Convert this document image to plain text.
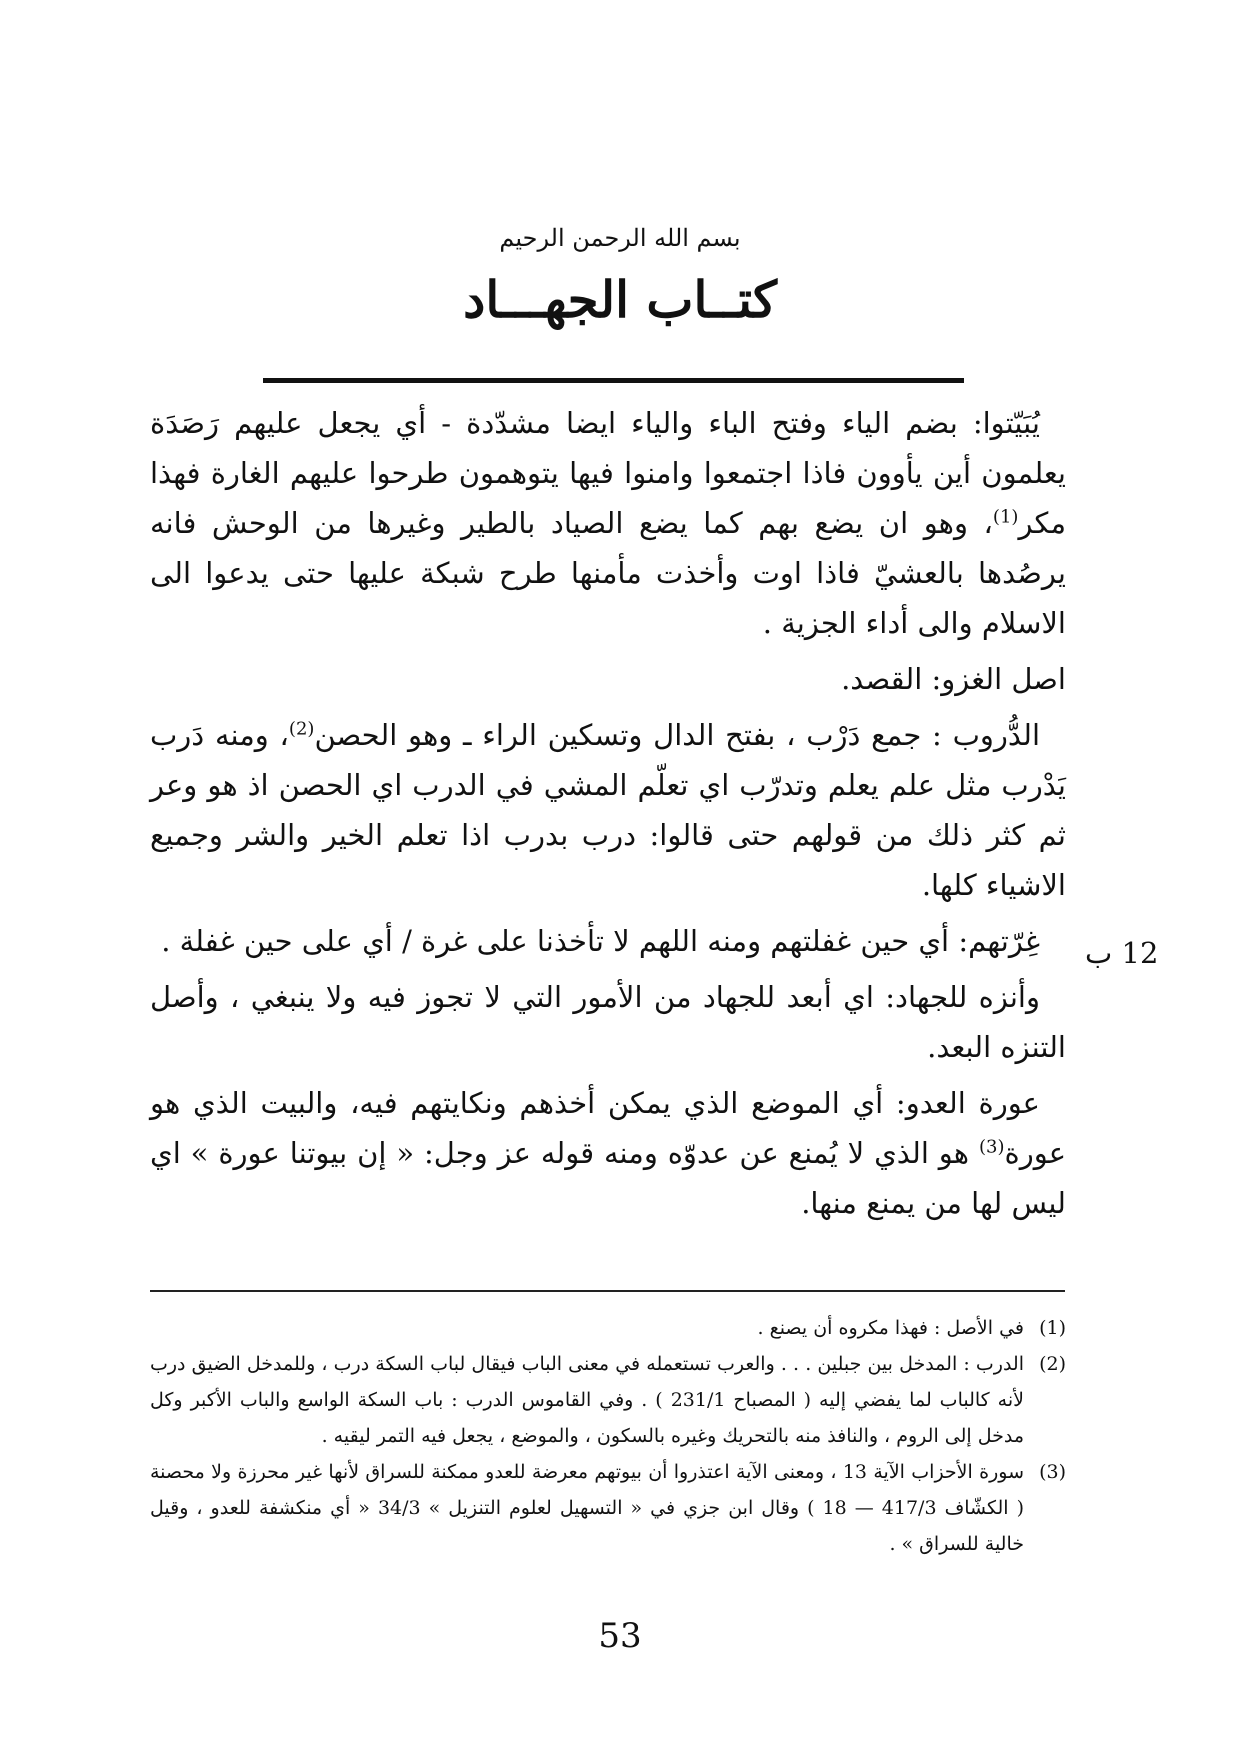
بسم الله الرحمن الرحيم
كتــاب الجهـــاد
12 ب

يُبَيّتوا: بضم الياء وفتح الباء والياء ايضا مشدّدة - أي يجعل عليهم رَصَدَة يعلمون أين يأوون فاذا اجتمعوا وامنوا فيها يتوهمون طرحوا عليهم الغارة فهذا مكر$^{(1)}$، وهو ان يضع بهم كما يضع الصياد بالطير وغيرها من الوحش فانه يرصُدها بالعشيّ فاذا اوت وأخذت مأمنها طرح شبكة عليها حتى يدعوا الى الاسلام والى أداء الجزية .

اصل الغزو: القصد.

الدُّروب : جمع دَرْب ، بفتح الدال وتسكين الراء ـ وهو الحصن$^{(2)}$، ومنه دَرب يَدْرب مثل علم يعلم وتدرّب اي تعلّم المشي في الدرب اي الحصن اذ هو وعر ثم كثر ذلك من قولهم حتى قالوا: درب بدرب اذا تعلم الخير والشر وجميع الاشياء كلها.

غِرّتهم: أي حين غفلتهم ومنه اللهم لا تأخذنا على غرة / أي على حين غفلة .

وأنزه للجهاد: اي أبعد للجهاد من الأمور التي لا تجوز فيه ولا ينبغي ، وأصل التنزه البعد.

عورة العدو: أي الموضع الذي يمكن أخذهم ونكايتهم فيه، والبيت الذي هو عورة$^{(3)}$ هو الذي لا يُمنع عن عدوّه ومنه قوله عز وجل: « إن بيوتنا عورة » اي ليس لها من يمنع منها.

(1)
في الأصل : فهذا مكروه أن يصنع .
(2)
الدرب : المدخل بين جبلين . . . والعرب تستعمله في معنى الباب فيقال لباب السكة درب ، وللمدخل الضيق درب لأنه كالباب لما يفضي إليه ( المصباح 231/1 ) . وفي القاموس الدرب : باب السكة الواسع والباب الأكبر وكل مدخل إلى الروم ، والنافذ منه بالتحريك وغيره بالسكون ، والموضع ، يجعل فيه التمر ليقيه .
(3)
سورة الأحزاب الآية 13 ، ومعنى الآية اعتذروا أن بيوتهم معرضة للعدو ممكنة للسراق لأنها غير محرزة ولا محصنة ( الكشّاف 417/3 — 18 ) وقال ابن جزي في « التسهيل لعلوم التنزيل » 34/3 « أي منكشفة للعدو ، وقيل خالية للسراق » .
53
